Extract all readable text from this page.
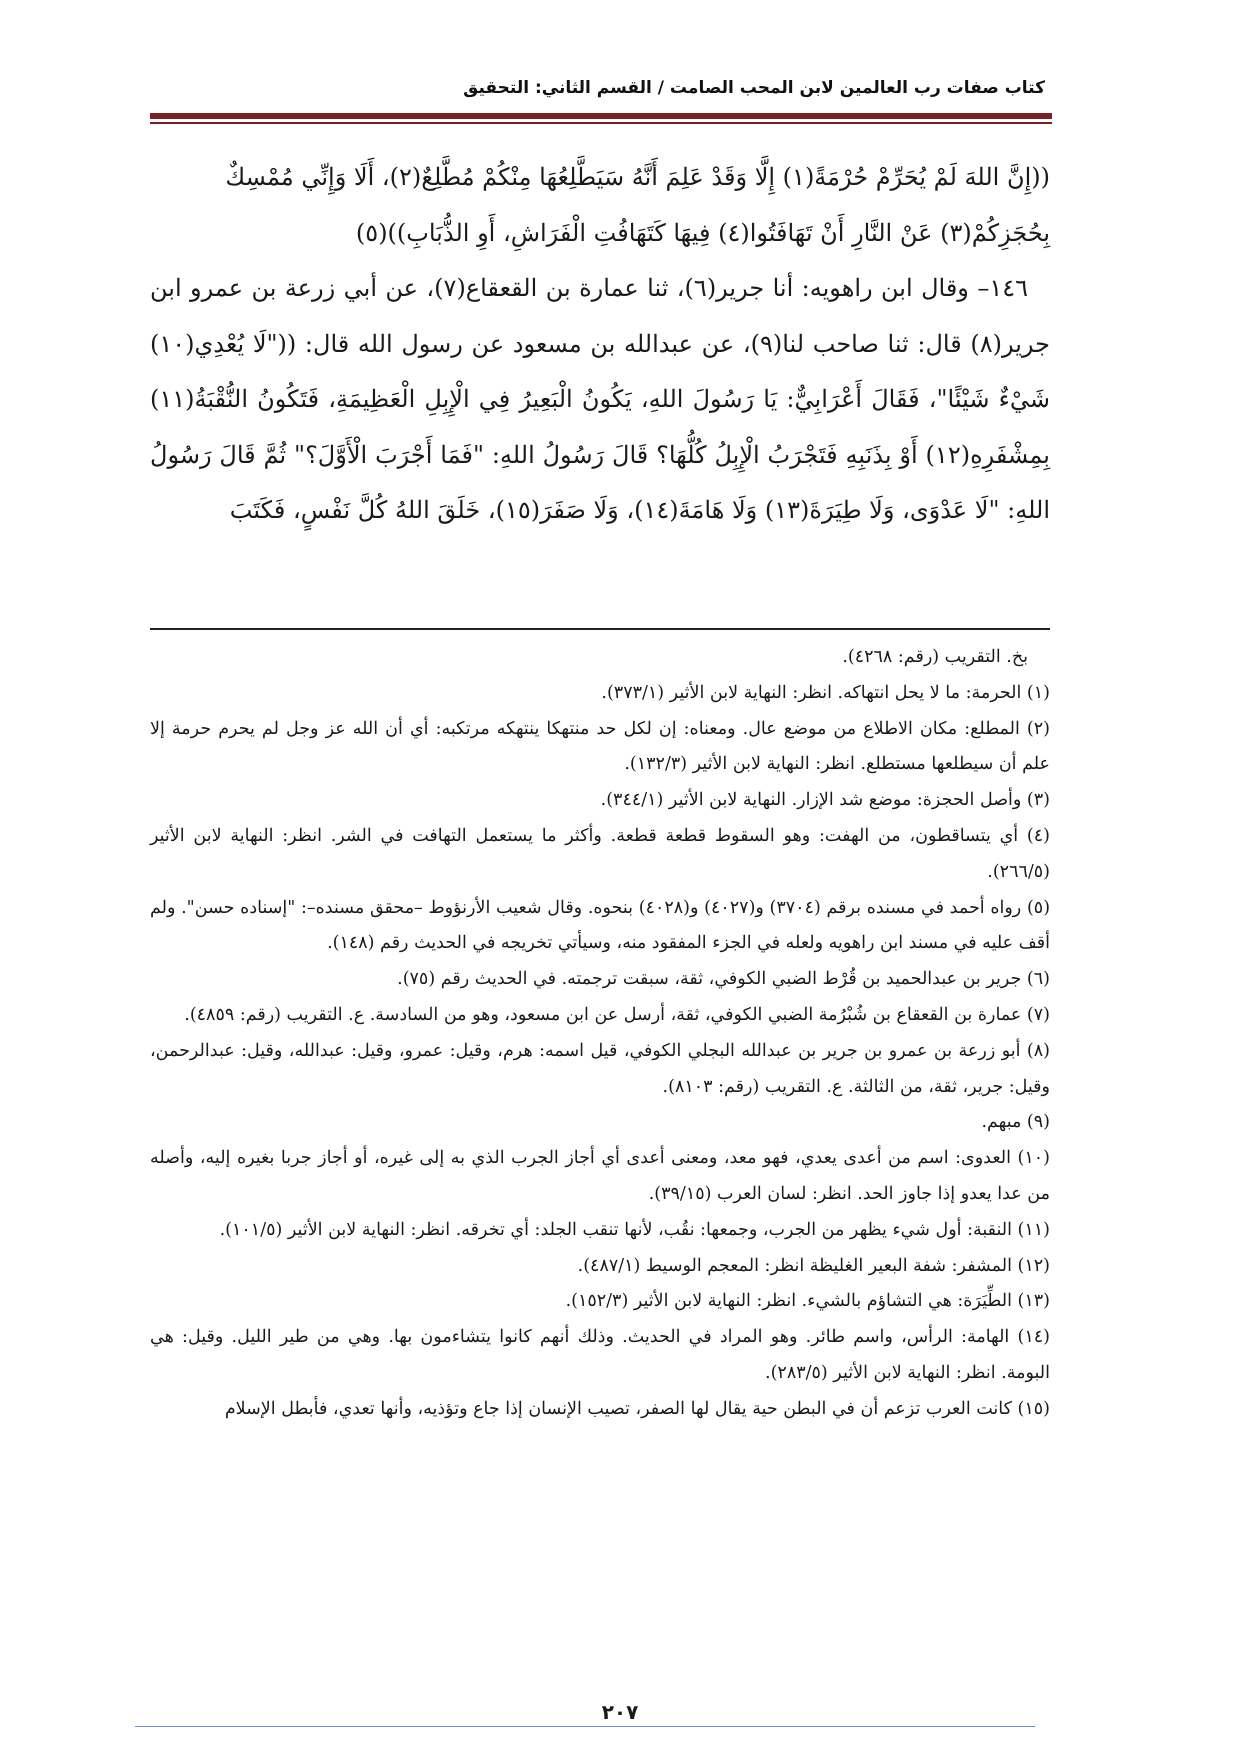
كتاب صفات رب العالمين لابن المحب الصامت / القسم الثاني: التحقيق

((إِنَّ اللهَ لَمْ يُحَرِّمْ حُرْمَةً(١) إِلَّا وَقَدْ عَلِمَ أَنَّهُ سَيَطَّلِعُهَا مِنْكُمْ مُطَّلِعٌ(٢)، أَلَا وَإِنِّي مُمْسِكٌ بِحُجَزِكُمْ(٣) عَنْ النَّارِ أَنْ تَهَافَتُوا(٤) فِيهَا كَتَهَافُتِ الْفَرَاشِ، أَوِ الذُّبَابِ))(٥)

١٤٦– وقال ابن راهويه: أنا جرير(٦)، ثنا عمارة بن القعقاع(٧)، عن أبي زرعة بن عمرو ابن جرير(٨) قال: ثنا صاحب لنا(٩)، عن عبدالله بن مسعود عن رسول الله قال: (("لَا يُعْدِي(١٠) شَيْءٌ شَيْئًا"، فَقَالَ أَعْرَابِيٌّ: يَا رَسُولَ اللهِ، يَكُونُ الْبَعِيرُ فِي الْإِبِلِ الْعَظِيمَةِ، فَتَكُونُ النُّقْبَةُ(١١) بِمِشْفَرِهِ(١٢) أَوْ بِذَنَبِهِ فَتَجْرَبُ الْإِبِلُ كُلُّهَا؟ قَالَ رَسُولُ اللهِ: "فَمَا أَجْرَبَ الْأَوَّلَ؟" ثُمَّ قَالَ رَسُولُ اللهِ: "لَا عَدْوَى، وَلَا طِيَرَةَ(١٣) وَلَا هَامَةَ(١٤)، وَلَا صَفَرَ(١٥)، خَلَقَ اللهُ كُلَّ نَفْسٍ، فَكَتَبَ

بخ. التقريب (رقم: ٤٢٦٨).

(١) الحرمة: ما لا يحل انتهاكه. انظر: النهاية لابن الأثير (٣٧٣/١).

(٢) المطلع: مكان الاطلاع من موضع عال. ومعناه: إن لكل حد منتهكا ينتهكه مرتكبه: أي أن الله عز وجل لم يحرم حرمة إلا علم أن سيطلعها مستطلع. انظر: النهاية لابن الأثير (١٣٢/٣).

(٣) وأصل الحجزة: موضع شد الإزار. النهاية لابن الأثير (٣٤٤/١).

(٤) أي يتساقطون، من الهفت: وهو السقوط قطعة قطعة. وأكثر ما يستعمل التهافت في الشر. انظر: النهاية لابن الأثير (٢٦٦/٥).

(٥) رواه أحمد في مسنده برقم (٣٧٠٤) و(٤٠٢٧) و(٤٠٢٨) بنحوه. وقال شعيب الأرنؤوط –محقق مسنده–: "إسناده حسن". ولم أقف عليه في مسند ابن راهويه ولعله في الجزء المفقود منه، وسيأتي تخريجه في الحديث رقم (١٤٨).

(٦) جرير بن عبدالحميد بن قُرْط الضبي الكوفي، ثقة، سبقت ترجمته. في الحديث رقم (٧٥).

(٧) عمارة بن القعقاع بن شُبْرُمة الضبي الكوفي، ثقة، أرسل عن ابن مسعود، وهو من السادسة. ع. التقريب (رقم: ٤٨٥٩).

(٨) أبو زرعة بن عمرو بن جرير بن عبدالله البجلي الكوفي، قيل اسمه: هرم، وقيل: عمرو، وقيل: عبدالله، وقيل: عبدالرحمن، وقيل: جرير، ثقة، من الثالثة. ع. التقريب (رقم: ٨١٠٣).

(٩) مبهم.

(١٠) العدوى: اسم من أعدى يعدي، فهو معد، ومعنى أعدى أي أجاز الجرب الذي به إلى غيره، أو أجاز جربا بغيره إليه، وأصله من عدا يعدو إذا جاوز الحد. انظر: لسان العرب (٣٩/١٥).

(١١) النقبة: أول شيء يظهر من الجرب، وجمعها: نقُب، لأنها تنقب الجلد: أي تخرقه. انظر: النهاية لابن الأثير (١٠١/٥).

(١٢) المشفر: شفة البعير الغليظة انظر: المعجم الوسيط (٤٨٧/١).

(١٣) الطِّيَرَة: هي التشاؤم بالشيء. انظر: النهاية لابن الأثير (١٥٢/٣).

(١٤) الهامة: الرأس، واسم طائر. وهو المراد في الحديث. وذلك أنهم كانوا يتشاءمون بها. وهي من طير الليل. وقيل: هي البومة. انظر: النهاية لابن الأثير (٢٨٣/٥).

(١٥) كانت العرب تزعم أن في البطن حية يقال لها الصفر، تصيب الإنسان إذا جاع وتؤذيه، وأنها تعدي، فأبطل الإسلام

٢٠٧
